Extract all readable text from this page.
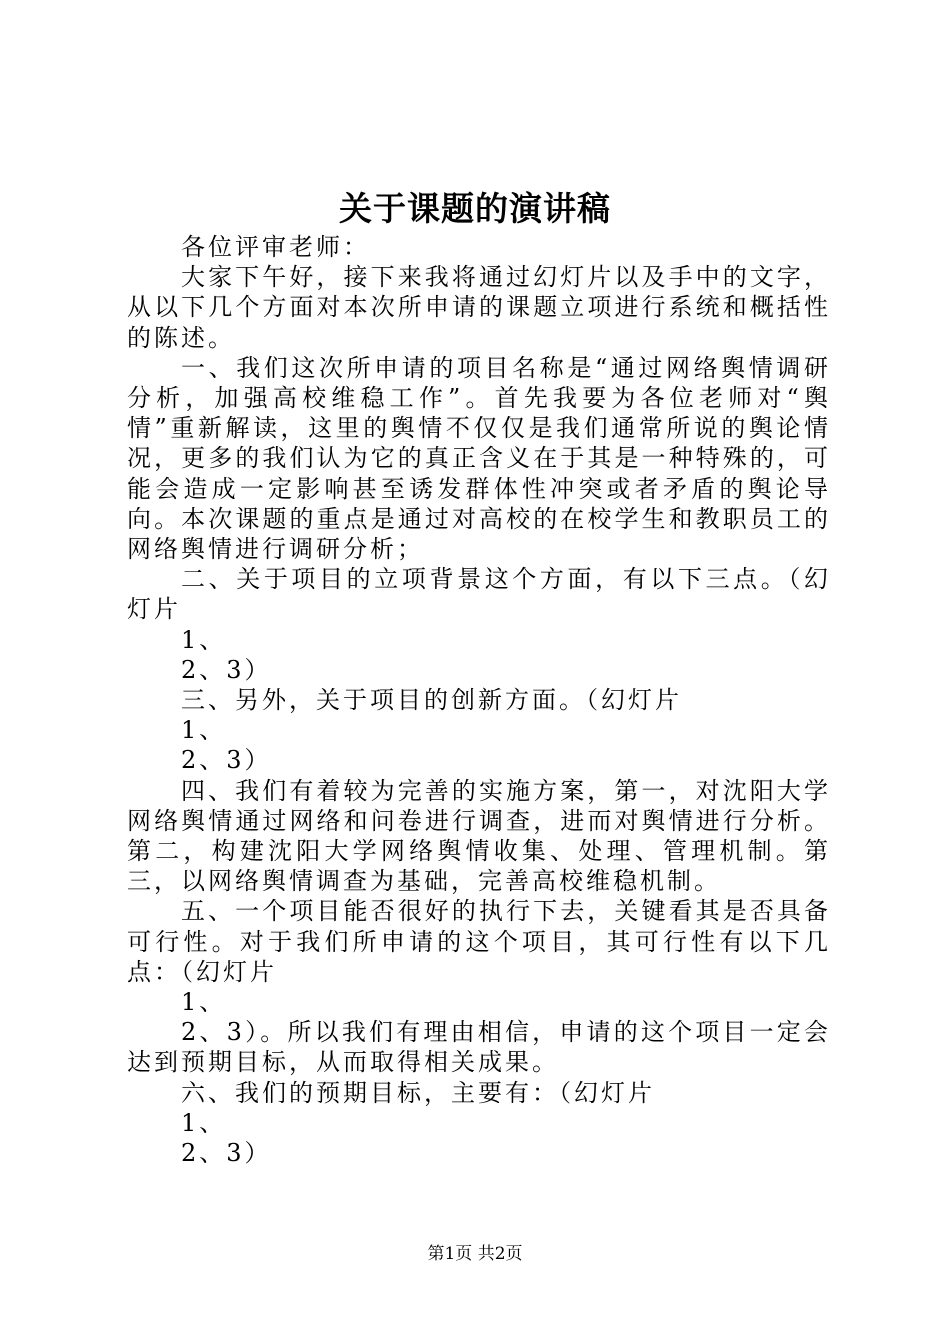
关于课题的演讲稿

各位评审老师：

大家下午好，接下来我将通过幻灯片以及手中的文字，从以下几个方面对本次所申请的课题立项进行系统和概括性的陈述。

一、我们这次所申请的项目名称是“通过网络舆情调研分析，加强高校维稳工作”。首先我要为各位老师对“舆情”重新解读，这里的舆情不仅仅是我们通常所说的舆论情况，更多的我们认为它的真正含义在于其是一种特殊的，可能会造成一定影响甚至诱发群体性冲突或者矛盾的舆论导向。本次课题的重点是通过对高校的在校学生和教职员工的网络舆情进行调研分析；

二、关于项目的立项背景这个方面，有以下三点。（幻灯片

1、

2、3）

三、另外，关于项目的创新方面。（幻灯片

1、

2、3）

四、我们有着较为完善的实施方案，第一，对沈阳大学网络舆情通过网络和问卷进行调查，进而对舆情进行分析。第二，构建沈阳大学网络舆情收集、处理、管理机制。第三，以网络舆情调查为基础，完善高校维稳机制。

五、一个项目能否很好的执行下去，关键看其是否具备可行性。对于我们所申请的这个项目，其可行性有以下几点：（幻灯片

1、

2、3）。所以我们有理由相信，申请的这个项目一定会达到预期目标，从而取得相关成果。

六、我们的预期目标，主要有：（幻灯片

1、

2、3）

第1页 共2页
